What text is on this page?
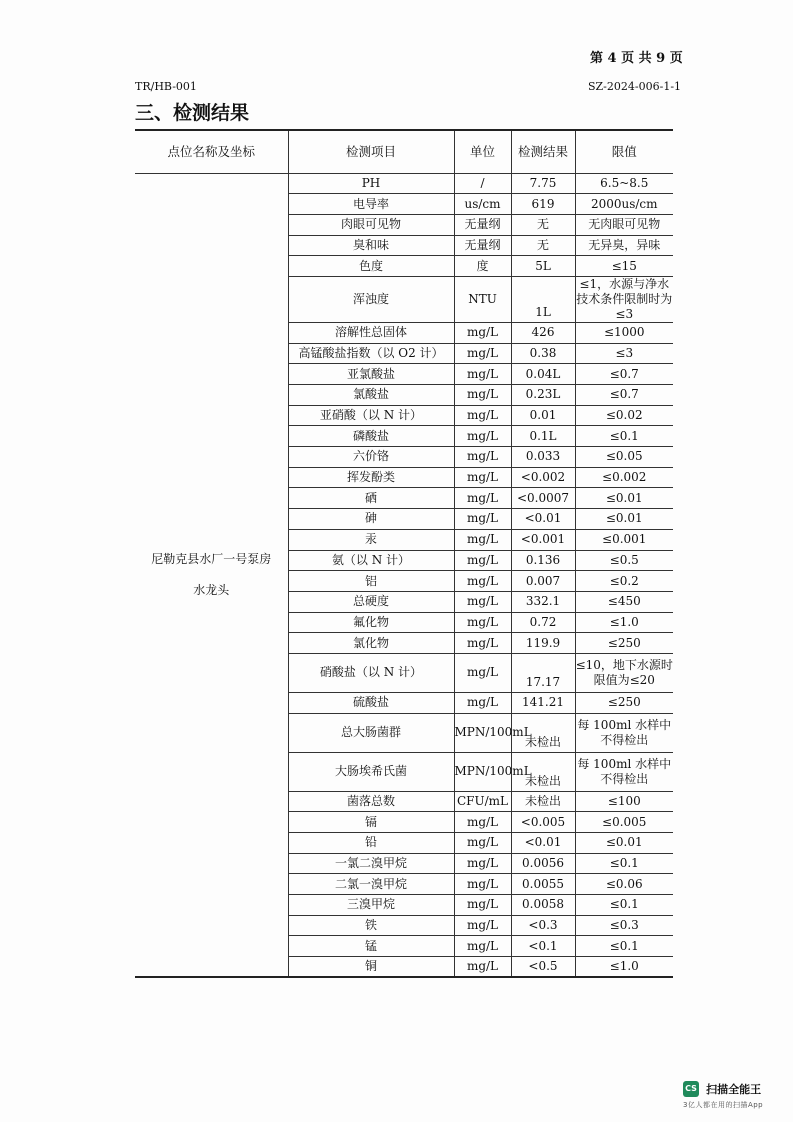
第 4 页 共 9 页
TR/HB-001	SZ-2024-006-1-1
三、检测结果
点位名称及坐标	检测项目	单位	检测结果	限值

尼勒克县水厂一号泵房
水龙头	PH	/	7.75	6.5~8.5
	电导率	us/cm	619	2000us/cm
	肉眼可见物	无量纲	无	无肉眼可见物
	臭和味	无量纲	无	无异臭，异味
	色度	度	5L	≤15
	浑浊度	NTU	1L	≤1，水源与净水技术条件限制时为≤3
	溶解性总固体	mg/L	426	≤1000
	高锰酸盐指数（以 O2 计）	mg/L	0.38	≤3
	亚氯酸盐	mg/L	0.04L	≤0.7
	氯酸盐	mg/L	0.23L	≤0.7
	亚硝酸（以 N 计）	mg/L	0.01	≤0.02
	磷酸盐	mg/L	0.1L	≤0.1
	六价铬	mg/L	0.033	≤0.05
	挥发酚类	mg/L	<0.002	≤0.002
	硒	mg/L	<0.0007	≤0.01
	砷	mg/L	<0.01	≤0.01
	汞	mg/L	<0.001	≤0.001
	氨（以 N 计）	mg/L	0.136	≤0.5
	铝	mg/L	0.007	≤0.2
	总硬度	mg/L	332.1	≤450
	氟化物	mg/L	0.72	≤1.0
	氯化物	mg/L	119.9	≤250
	硝酸盐（以 N 计）	mg/L	17.17	≤10，地下水源时限值为≤20
	硫酸盐	mg/L	141.21	≤250
	总大肠菌群	MPN/100mL	未检出	每 100ml 水样中不得检出
	大肠埃希氏菌	MPN/100mL	未检出	每 100ml 水样中不得检出
	菌落总数	CFU/mL	未检出	≤100
	镉	mg/L	<0.005	≤0.005
	铅	mg/L	<0.01	≤0.01
	一氯二溴甲烷	mg/L	0.0056	≤0.1
	二氯一溴甲烷	mg/L	0.0055	≤0.06
	三溴甲烷	mg/L	0.0058	≤0.1
	铁	mg/L	<0.3	≤0.3
	锰	mg/L	<0.1	≤0.1
	铜	mg/L	<0.5	≤1.0
CS 扫描全能王
3亿人都在用的扫描App
